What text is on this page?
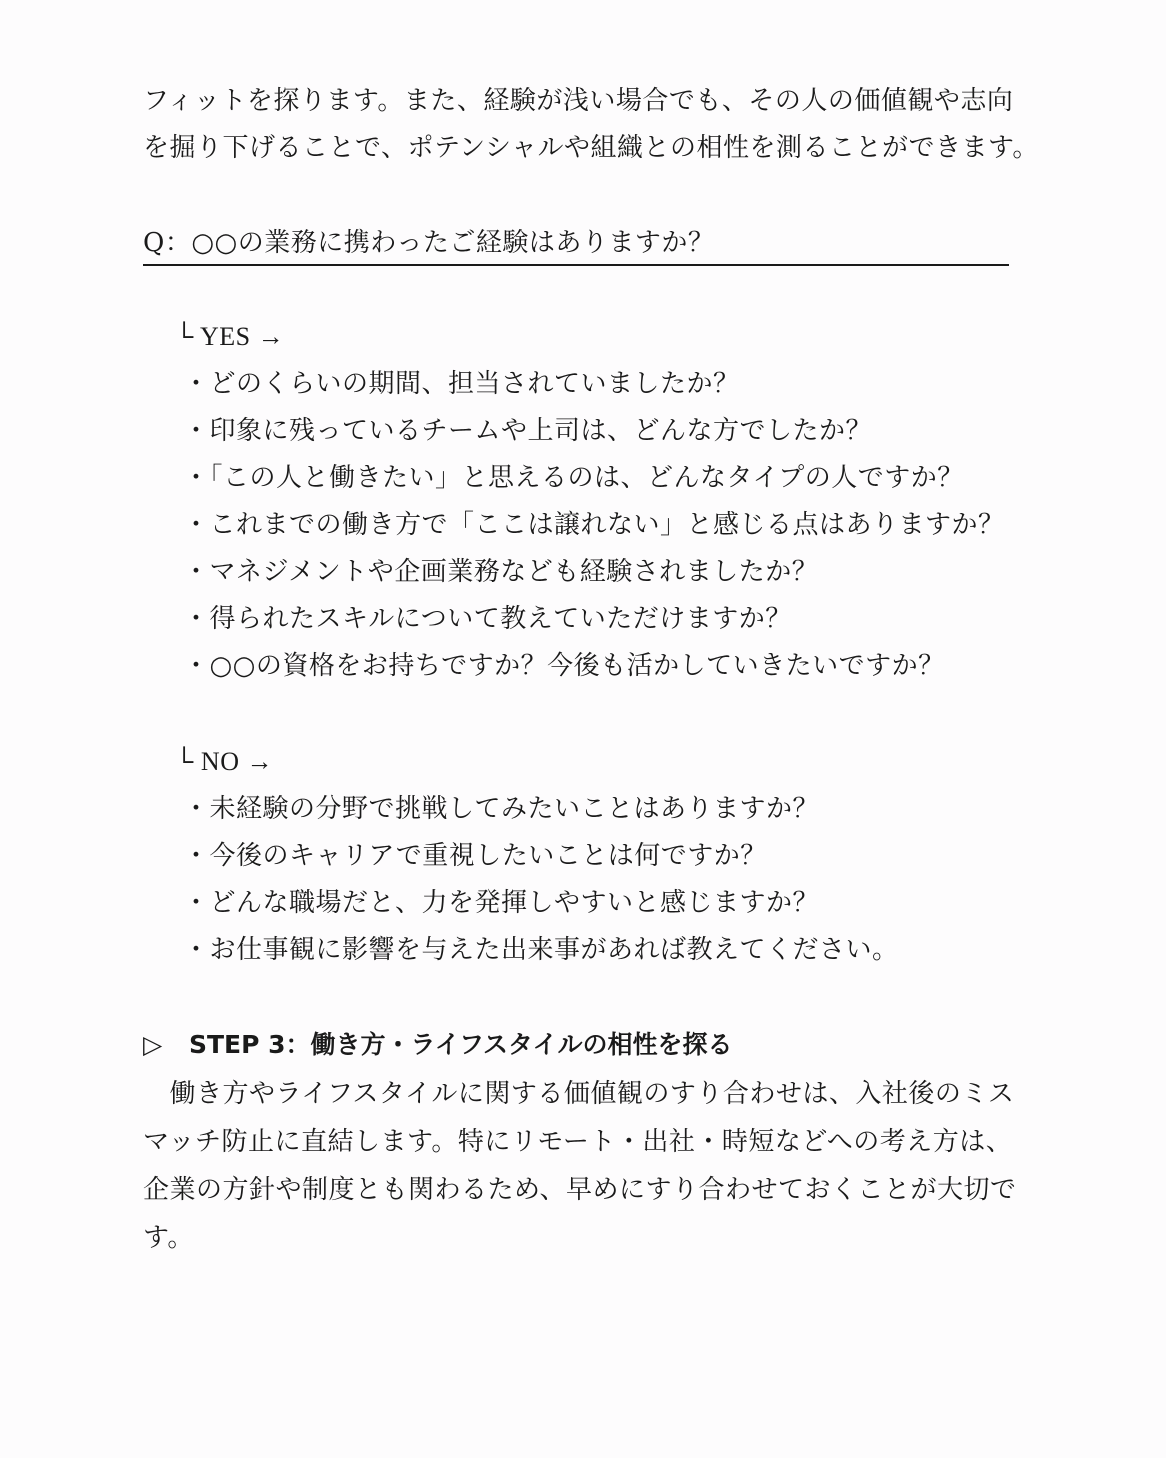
フィットを探ります。また、経験が浅い場合でも、その人の価値観や志向
を掘り下げることで、ポテンシャルや組織との相性を測ることができます。
Q：○○の業務に携わったご経験はありますか？
└ YES →
・どのくらいの期間、担当されていましたか？
・印象に残っているチームや上司は、どんな方でしたか？
・「この人と働きたい」と思えるのは、どんなタイプの人ですか？
・これまでの働き方で「ここは譲れない」と感じる点はありますか？
・マネジメントや企画業務なども経験されましたか？
・得られたスキルについて教えていただけますか？
・○○の資格をお持ちですか？今後も活かしていきたいですか？
└ NO →
・未経験の分野で挑戦してみたいことはありますか？
・今後のキャリアで重視したいことは何ですか？
・どんな職場だと、力を発揮しやすいと感じますか？
・お仕事観に影響を与えた出来事があれば教えてください。
▷ STEP 3：働き方・ライフスタイルの相性を探る
　働き方やライフスタイルに関する価値観のすり合わせは、入社後のミス
マッチ防止に直結します。特にリモート・出社・時短などへの考え方は、
企業の方針や制度とも関わるため、早めにすり合わせておくことが大切で
す。
